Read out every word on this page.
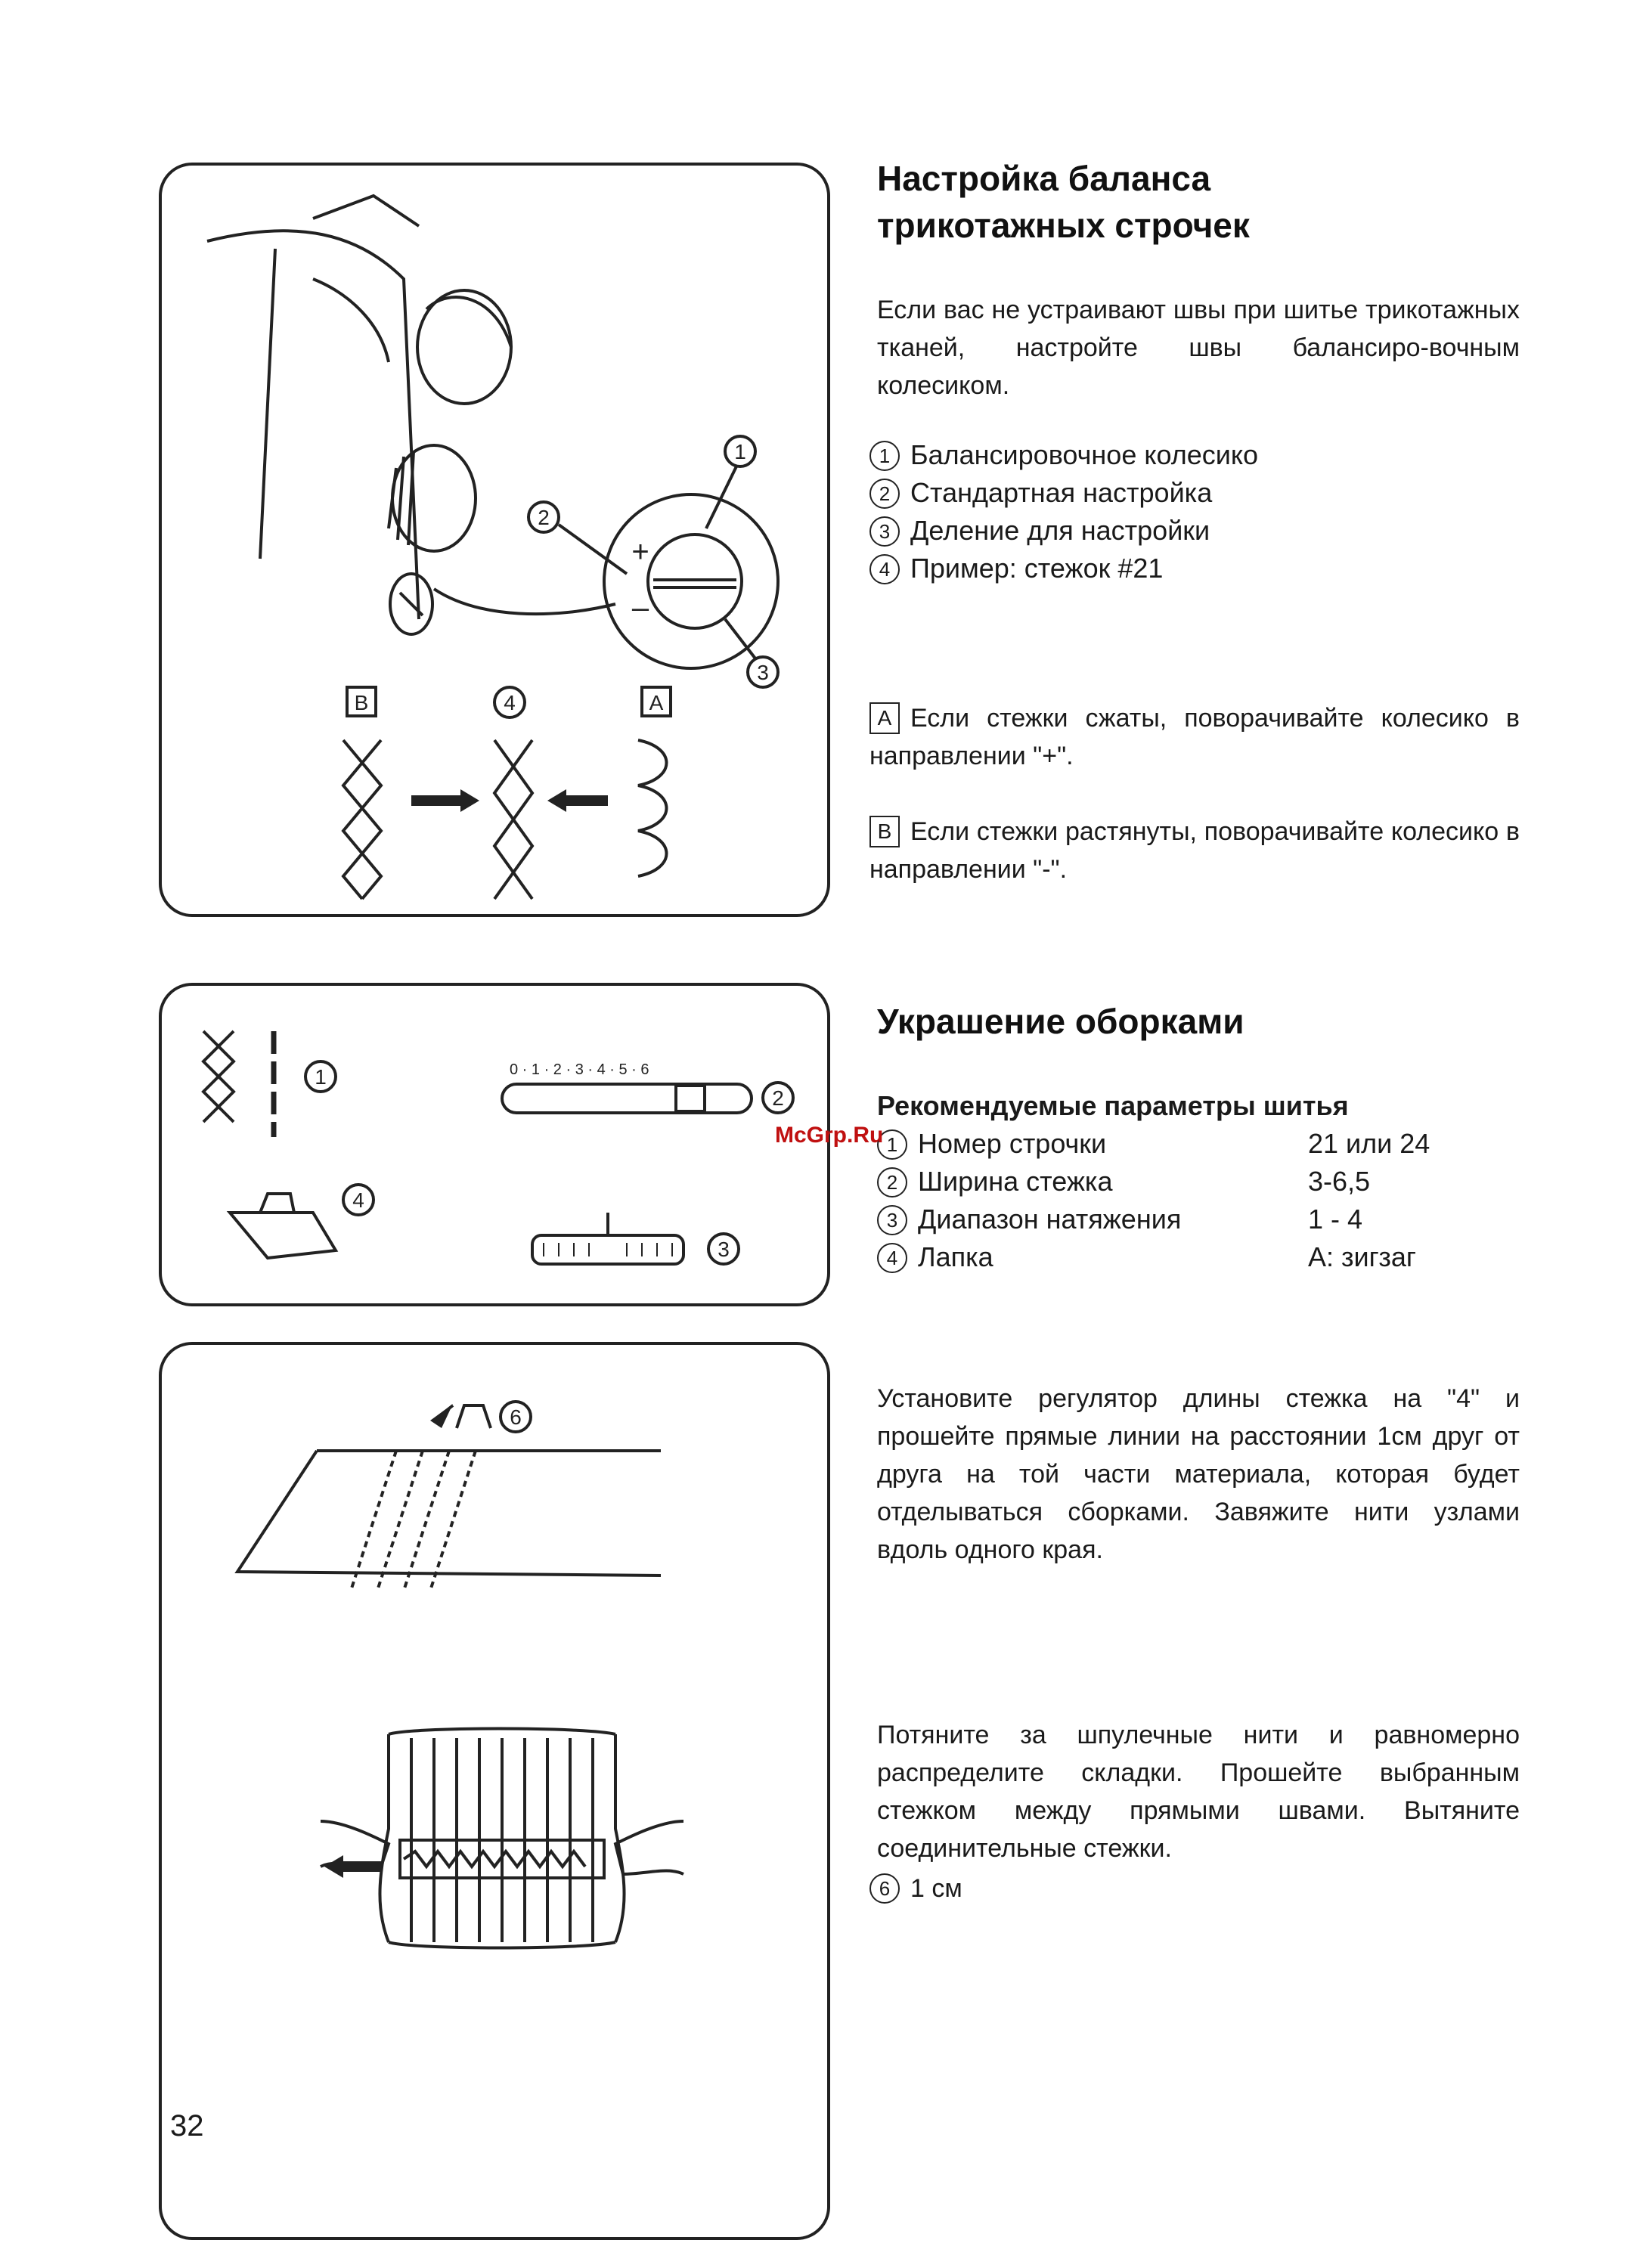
+
–
1
2
3
B	4	A
0 · 1 · 2 · 3 · 4 · 5 · 6
1
2
3
4
6
Настройка баланса
трикотажных строчек
Если вас не устраивают швы при шитье трикотажных тканей, настройте швы балансиро-вочным колесиком.
1 Балансировочное колесико
2 Стандартная настройка
3 Деление для настройки
4 Пример: стежок #21
A Если стежки сжаты, поворачивайте колесико в направлении "+".
B Если стежки растянуты, поворачивайте колесико в направлении "-".
Украшение оборками
Рекомендуемые параметры шитья
1 Номер строчки	21 или 24
2 Ширина стежка	3-6,5
3 Диапазон натяжения	1 - 4
4 Лапка	A: зигзаг
McGrp.Ru
Установите регулятор длины стежка на "4" и прошейте прямые линии на расстоянии 1см друг от друга на той части материала, которая будет отделываться сборками. Завяжите нити узлами вдоль одного края.
Потяните за шпулечные нити и равномерно распределите складки. Прошейте выбранным стежком между прямыми швами. Вытяните соединительные стежки.
6 1 см
32
